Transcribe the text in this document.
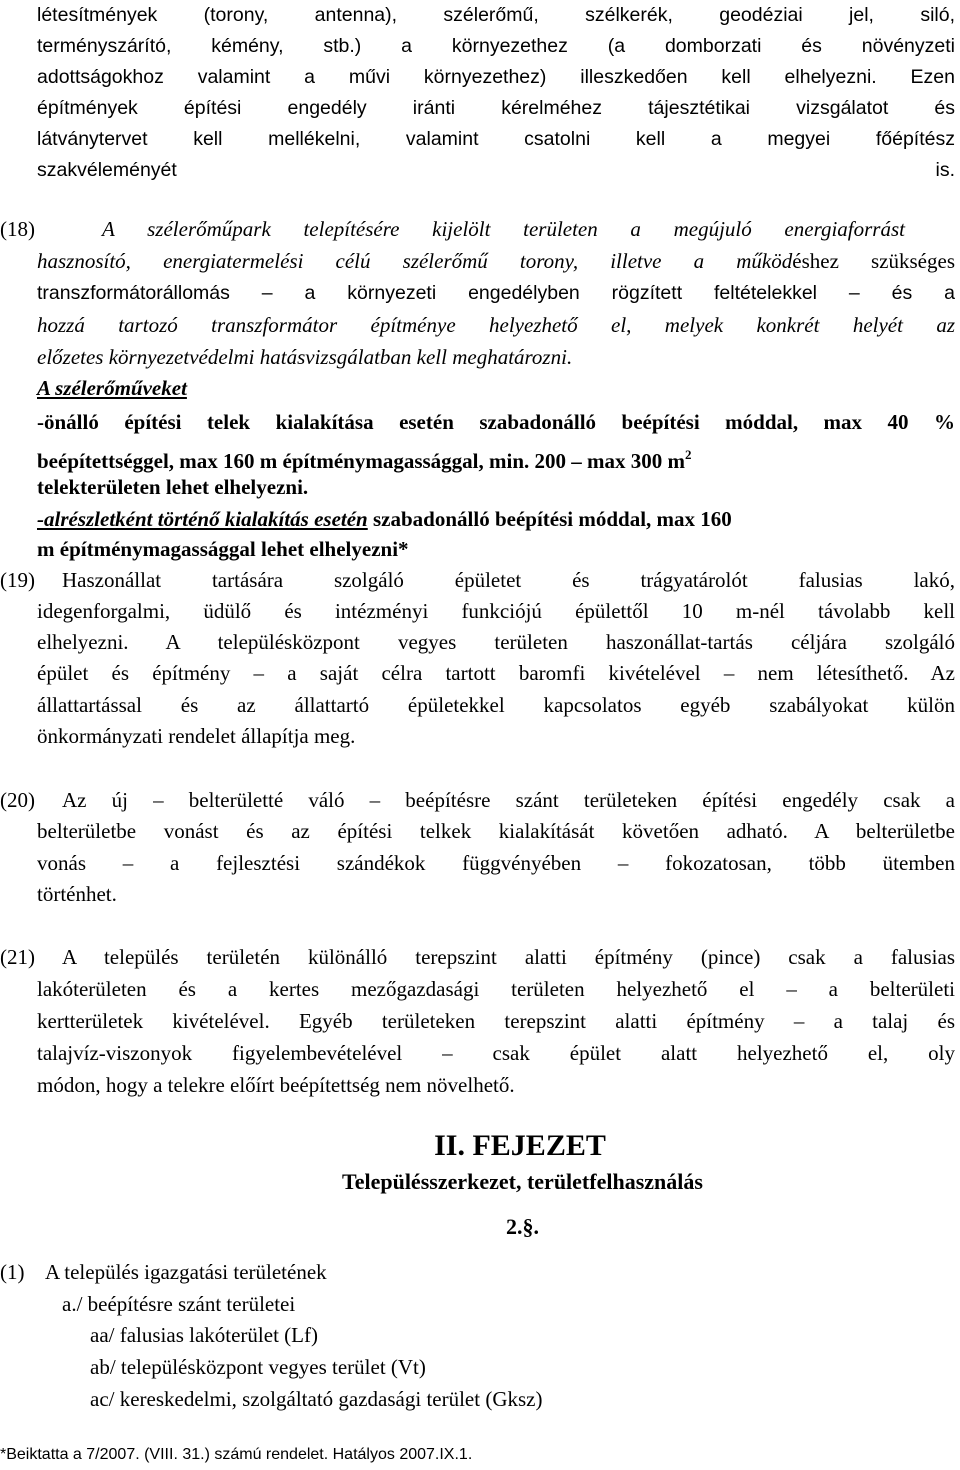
létesítmények (torony, antenna), szélerőmű, szélkerék, geodéziai jel, siló,
terményszárító, kémény, stb.) a környezethez (a domborzati és növényzeti
adottságokhoz valamint a művi környezethez) illeszkedően kell elhelyezni. Ezen
építmények építési engedély iránti kérelméhez tájesztétikai vizsgálatot és
látványtervet kell mellékelni, valamint csatolni kell a megyei főépítész
szakvéleményét is.
(18)	A szélerőműpark telepítésére kijelölt területen a megújuló energiaforrást
hasznosító, energiatermelési célú szélerőmű torony, illetve a működéshez szükséges
transzformátorállomás – a környezeti engedélyben rögzített feltételekkel – és a
hozzá tartozó transzformátor építménye helyezhető el, melyek konkrét helyét az
előzetes környezetvédelmi hatásvizsgálatban kell meghatározni.
A szélerőműveket
-önálló építési telek kialakítása esetén szabadonálló beépítési móddal, max 40 %
beépítettséggel, max 160 m építménymagassággal, min. 200 – max 300 $m^2$
telekterületen lehet elhelyezni.
-alrészletként történő kialakítás esetén szabadonálló beépítési móddal, max 160
m építménymagassággal lehet elhelyezni*
(19) Haszonállat tartására szolgáló épületet és trágyatárolót falusias lakó,
idegenforgalmi, üdülő és intézményi funkciójú épülettől 10 m-nél távolabb kell
elhelyezni. A településközpont vegyes területen haszonállat-tartás céljára szolgáló
épület és építmény – a saját célra tartott baromfi kivételével – nem létesíthető. Az
állattartással és az állattartó épületekkel kapcsolatos egyéb szabályokat külön
önkormányzati rendelet állapítja meg.
(20) Az új – belterületté váló – beépítésre szánt területeken építési engedély csak a
belterületbe vonást és az építési telkek kialakítását követően adható. A belterületbe
vonás – a fejlesztési szándékok függvényében – fokozatosan, több ütemben
történhet.
(21) A település területén különálló terepszint alatti építmény (pince) csak a falusias
lakóterületen és a kertes mezőgazdasági területen helyezhető el – a belterületi
kertterületek kivételével. Egyéb területeken terepszint alatti építmény – a talaj és
talajvíz-viszonyok figyelembevételével – csak épület alatt helyezhető el, oly
módon, hogy a telekre előírt beépítettség nem növelhető.
II. FEJEZET
Településszerkezet, területfelhasználás
2.§.
(1) A település igazgatási területének
a./ beépítésre szánt területei
aa/ falusias lakóterület (Lf)
ab/ településközpont vegyes terület (Vt)
ac/ kereskedelmi, szolgáltató gazdasági terület (Gksz)
*Beiktatta a 7/2007. (VIII. 31.) számú rendelet. Hatályos 2007.IX.1.
